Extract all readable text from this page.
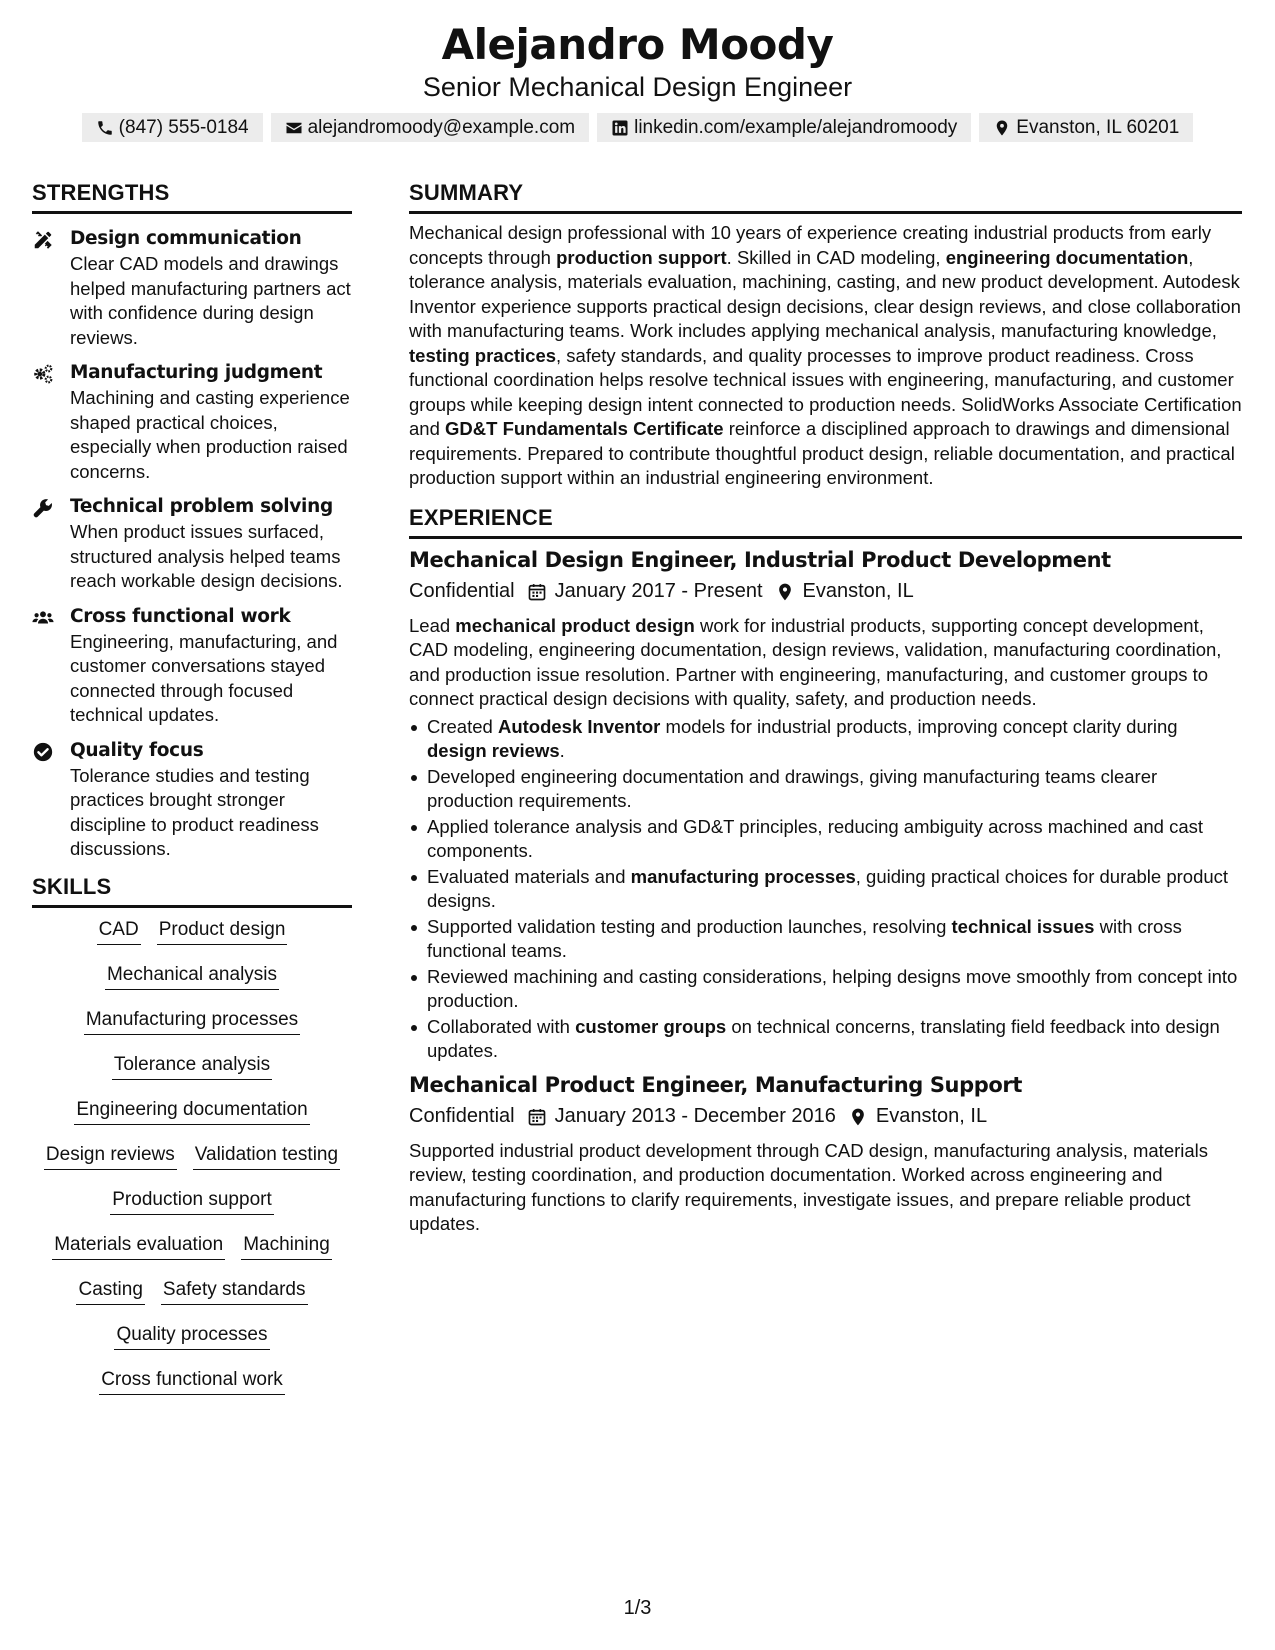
Alejandro Moody
Senior Mechanical Design Engineer
(847) 555-0184	alejandromoody@example.com	linkedin.com/example/alejandromoody	Evanston, IL 60201
STRENGTHS
Design communication
Clear CAD models and drawings helped manufacturing partners act with confidence during design reviews.
Manufacturing judgment
Machining and casting experience shaped practical choices, especially when production raised concerns.
Technical problem solving
When product issues surfaced, structured analysis helped teams reach workable design decisions.
Cross functional work
Engineering, manufacturing, and customer conversations stayed connected through focused technical updates.
Quality focus
Tolerance studies and testing practices brought stronger discipline to product readiness discussions.
SKILLS
CAD Product design
Mechanical analysis
Manufacturing processes
Tolerance analysis
Engineering documentation
Design reviews Validation testing
Production support
Materials evaluation Machining
Casting Safety standards
Quality processes
Cross functional work
SUMMARY
Mechanical design professional with 10 years of experience creating industrial products from early concepts through production support. Skilled in CAD modeling, engineering documentation, tolerance analysis, materials evaluation, machining, casting, and new product development. Autodesk Inventor experience supports practical design decisions, clear design reviews, and close collaboration with manufacturing teams. Work includes applying mechanical analysis, manufacturing knowledge, testing practices, safety standards, and quality processes to improve product readiness. Cross functional coordination helps resolve technical issues with engineering, manufacturing, and customer groups while keeping design intent connected to production needs. SolidWorks Associate Certification and GD&T Fundamentals Certificate reinforce a disciplined approach to drawings and dimensional requirements. Prepared to contribute thoughtful product design, reliable documentation, and practical production support within an industrial engineering environment.
EXPERIENCE
Mechanical Design Engineer, Industrial Product Development
Confidential January 2017 - Present Evanston, IL
Lead mechanical product design work for industrial products, supporting concept development, CAD modeling, engineering documentation, design reviews, validation, manufacturing coordination, and production issue resolution. Partner with engineering, manufacturing, and customer groups to connect practical design decisions with quality, safety, and production needs.
Created Autodesk Inventor models for industrial products, improving concept clarity during design reviews.
Developed engineering documentation and drawings, giving manufacturing teams clearer production requirements.
Applied tolerance analysis and GD&T principles, reducing ambiguity across machined and cast components.
Evaluated materials and manufacturing processes, guiding practical choices for durable product designs.
Supported validation testing and production launches, resolving technical issues with cross functional teams.
Reviewed machining and casting considerations, helping designs move smoothly from concept into production.
Collaborated with customer groups on technical concerns, translating field feedback into design updates.
Mechanical Product Engineer, Manufacturing Support
Confidential January 2013 - December 2016 Evanston, IL
Supported industrial product development through CAD design, manufacturing analysis, materials review, testing coordination, and production documentation. Worked across engineering and manufacturing functions to clarify requirements, investigate issues, and prepare reliable product updates.
1/3
